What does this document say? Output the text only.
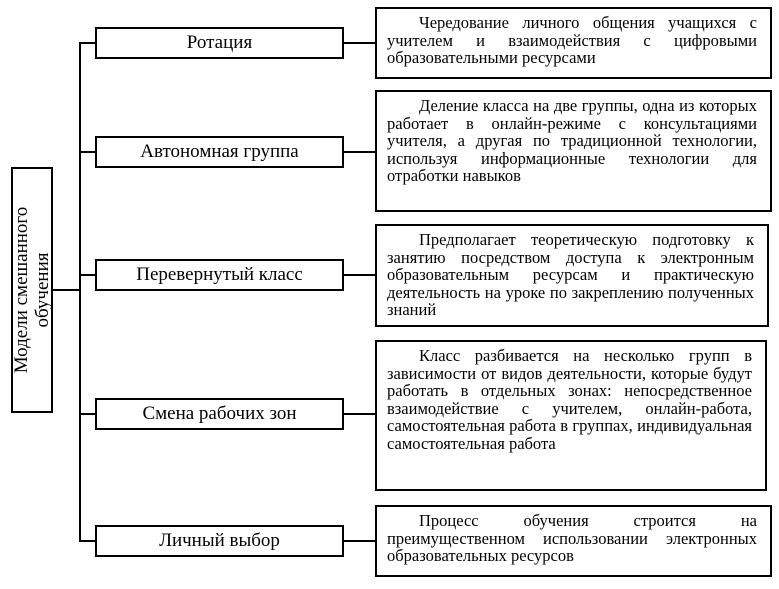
Модели смешанного обучения
Ротация
Автономная группа
Перевернутый класс
Смена рабочих зон
Личный выбор

Чередование личного общения учащихся с учителем и взаимодействия с цифровыми образовательными ресурсами

Деление класса на две группы, одна из которых работает в онлайн-режиме с консультациями учителя, а другая по традиционной технологии, используя информационные технологии для отработки навыков

Предполагает теоретическую подготовку к занятию посредством доступа к электронным образовательным ресурсам и практическую деятельность на уроке по закреплению полученных знаний

Класс разбивается на несколько групп в зависимости от видов деятельности, которые будут работать в отдельных зонах: непосредственное взаимодействие с учителем, онлайн-работа, самостоятельная работа в группах, индивидуальная самостоятельная работа

Процесс обучения строится на преимущественном использовании электронных образовательных ресурсов
